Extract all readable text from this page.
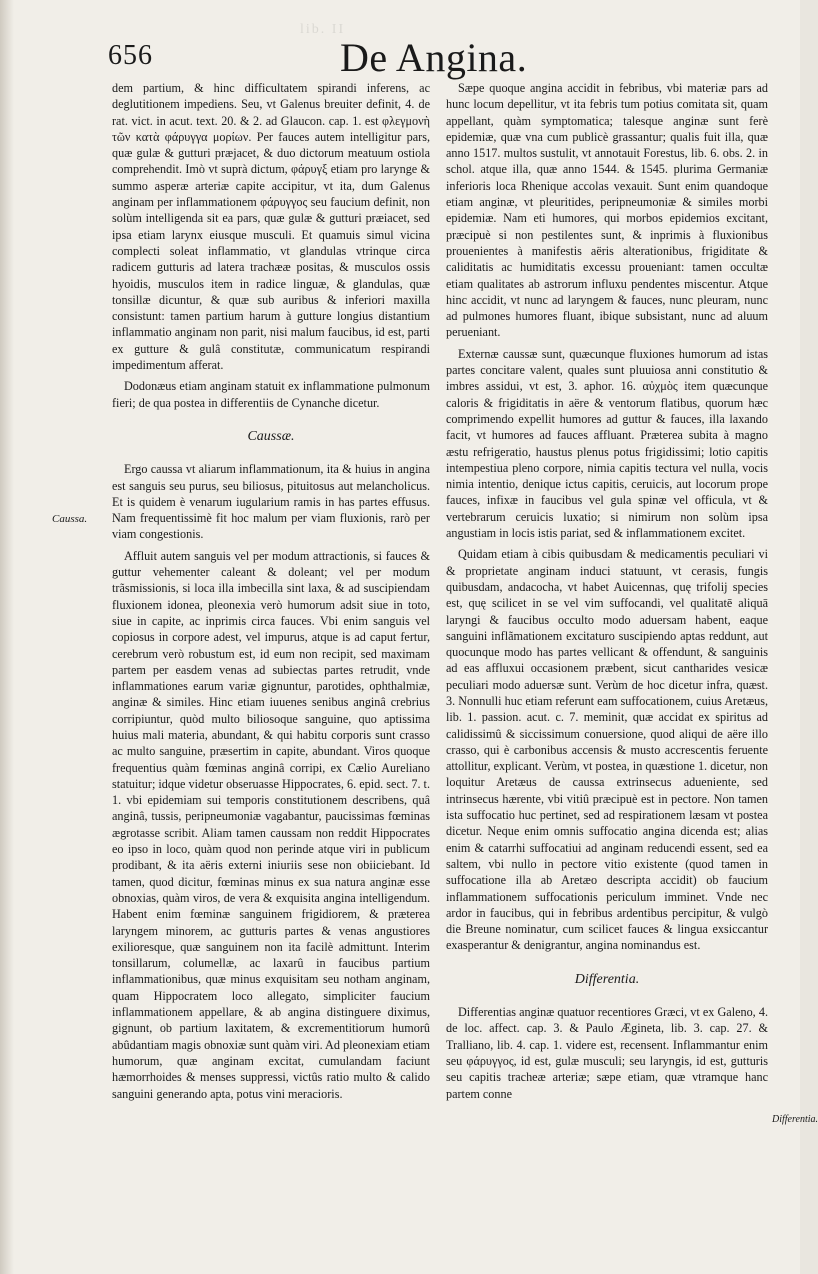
lib. II
656	De Angina.
Caussa.
Differentia.

dem partium, & hinc difficultatem spirandi inferens, ac deglutitionem impediens. Seu, vt Galenus breuiter definit, 4. de rat. vict. in acut. text. 20. & 2. ad Glaucon. cap. 1. est φλεγμονὴ τῶν κατὰ φάρυγγα μορίων. Per fauces autem intelligitur pars, quæ gulæ & gutturi præjacet, & duo dictorum meatuum ostiola comprehendit. Imò vt suprà dictum, φάρυγξ etiam pro larynge & summo asperæ arteriæ capite accipitur, vt ita, dum Galenus anginam per inflammationem φάρυγγος seu faucium definit, non solùm intelligenda sit ea pars, quæ gulæ & gutturi præiacet, sed ipsa etiam larynx eiusque musculi. Et quamuis simul vicina complecti soleat inflammatio, vt glandulas vtrinque circa radicem gutturis ad latera trachææ positas, & musculos ossis hyoidis, musculos item in radice linguæ, & glandulas, quæ tonsillæ dicuntur, & quæ sub auribus & inferiori maxilla consistunt: tamen partium harum à gutture longius distantium inflammatio anginam non parit, nisi malum faucibus, id est, parti ex gutture & gulâ constitutæ, communicatum respirandi impedimentum afferat.

Dodonæus etiam anginam statuit ex inflammatione pulmonum fieri; de qua postea in differentiis de Cynanche dicetur.

Caussæ.

Ergo caussa vt aliarum inflammationum, ita & huius in angina est sanguis seu purus, seu biliosus, pituitosus aut melancholicus. Et is quidem è venarum iugularium ramis in has partes effusus. Nam frequentissimè fit hoc malum per viam fluxionis, rarò per viam congestionis.

Affluit autem sanguis vel per modum attractionis, si fauces & guttur vehementer caleant & doleant; vel per modum trãsmissionis, si loca illa imbecilla sint laxa, & ad suscipiendam fluxionem idonea, pleonexia verò humorum adsit siue in toto, siue in capite, ac inprimis circa fauces. Vbi enim sanguis vel copiosus in corpore adest, vel impurus, atque is ad caput fertur, cerebrum verò robustum est, id eum non recipit, sed maximam partem per easdem venas ad subiectas partes retrudit, vnde inflammationes earum variæ gignuntur, parotides, ophthalmiæ, anginæ & similes. Hinc etiam iuuenes senibus anginâ crebrius corripiuntur, quòd multo biliosoque sanguine, quo aptissima huius mali materia, abundant, & qui habitu corporis sunt crasso ac multo sanguine, præsertim in capite, abundant. Viros quoque frequentius quàm fœminas anginâ corripi, ex Cælio Aureliano statuitur; idque videtur obseruasse Hippocrates, 6. epid. sect. 7. t. 1. vbi epidemiam sui temporis constitutionem describens, quâ anginâ, tussis, peripneumoniæ vagabantur, paucissimas fœminas ægrotasse scribit. Aliam tamen caussam non reddit Hippocrates eo ipso in loco, quàm quod non perinde atque viri in publicum prodibant, & ita aëris externi iniuriis sese non obiiciebant. Id tamen, quod dicitur, fœminas minus ex sua natura anginæ esse obnoxias, quàm viros, de vera & exquisita angina intelligendum. Habent enim fœminæ sanguinem frigidiorem, & præterea laryngem minorem, ac gutturis partes & venas angustiores exilioresque, quæ sanguinem non ita facilè admittunt. Interim tonsillarum, columellæ, ac laxarû in faucibus partium inflammationibus, quæ minus exquisitam seu notham anginam, quam Hippocratem loco allegato, simpliciter faucium inflammationem appellare, & ab angina distinguere diximus, gignunt, ob partium laxitatem, & excrementitiorum humorû abûdantiam magis obnoxiæ sunt quàm viri. Ad pleonexiam etiam humorum, quæ anginam excitat, cumulandam faciunt hæmorrhoides & menses suppressi, victûs ratio multo & calido sanguini generando apta, potus vini meracioris.

Sæpe quoque angina accidit in febribus, vbi materiæ pars ad hunc locum depellitur, vt ita febris tum potius comitata sit, quam appellant, quàm symptomatica; talesque anginæ sunt ferè epidemiæ, quæ vna cum publicè grassantur; qualis fuit illa, quæ anno 1517. multos sustulit, vt annotauit Forestus, lib. 6. obs. 2. in schol. atque illa, quæ anno 1544. & 1545. plurima Germaniæ inferioris loca Rhenique accolas vexauit. Sunt enim quandoque etiam anginæ, vt pleuritides, peripneumoniæ & similes morbi epidemiæ. Nam eti humores, qui morbos epidemios excitant, præcipuè si non pestilentes sunt, & inprimis à fluxionibus prouenientes à manifestis aëris alterationibus, frigiditate & caliditatis ac humiditatis excessu proueniant: tamen occultæ etiam qualitates ab astrorum influxu pendentes miscentur. Atque hinc accidit, vt nunc ad laryngem & fauces, nunc pleuram, nunc ad pulmones humores fluant, ibique subsistant, nunc ad aluum perueniant.

Externæ caussæ sunt, quæcunque fluxiones humorum ad istas partes concitare valent, quales sunt pluuiosa anni constitutio & imbres assidui, vt est, 3. aphor. 16. αὐχμὸς item quæcunque caloris & frigiditatis in aëre & ventorum flatibus, quorum hæc comprimendo expellit humores ad guttur & fauces, illa laxando facit, vt humores ad fauces affluant. Præterea subita à magno æstu refrigeratio, haustus plenus potus frigidissimi; lotio capitis intempestiua pleno corpore, nimia capitis tectura vel nulla, vocis nimia intentio, denique ictus capitis, ceruicis, aut locorum prope fauces, infixæ in faucibus vel gula spinæ vel officula, vt & vertebrarum ceruicis luxatio; si nimirum non solùm ipsa angustiam in locis istis pariat, sed & inflammationem excitet.

Quidam etiam à cibis quibusdam & medicamentis peculiari vi & proprietate anginam induci statuunt, vt cerasis, fungis quibusdam, andacocha, vt habet Auicennas, quę trifolij species est, quę scilicet in se vel vim suffocandi, vel qualitatē aliquā laryngi & faucibus occulto modo aduersam habent, eaque sanguini inflãmationem excitaturo suscipiendo aptas reddunt, aut quocunque modo has partes vellicant & offendunt, & sanguinis ad eas affluxui occasionem præbent, sicut cantharides vesicæ peculiari modo aduersæ sunt. Verùm de hoc dicetur infra, quæst. 3. Nonnulli huc etiam referunt eam suffocationem, cuius Aretæus, lib. 1. passion. acut. c. 7. meminit, quæ accidat ex spiritus ad calidissimû & siccissimum conuersione, quod aliqui de aëre illo crasso, qui è carbonibus accensis & musto accrescentis feruente attollitur, explicant. Verùm, vt postea, in quæstione 1. dicetur, non loquitur Aretæus de caussa extrinsecus adueniente, sed intrinsecus hærente, vbi vitiû præcipuè est in pectore. Non tamen ista suffocatio huc pertinet, sed ad respirationem læsam vt postea dicetur. Neque enim omnis suffocatio angina dicenda est; alias enim & catarrhi suffocatiui ad anginam reducendi essent, sed ea saltem, vbi nullo in pectore vitio existente (quod tamen in suffocatione illa ab Aretæo descripta accidit) ob faucium inflammationem suffocationis periculum imminet. Vnde nec ardor in faucibus, qui in febribus ardentibus percipitur, & vulgò die Breune nominatur, cum scilicet fauces & lingua exsiccantur exasperantur & denigrantur, angina nominandus est.

Differentia.

Differentias anginæ quatuor recentiores Græci, vt ex Galeno, 4. de loc. affect. cap. 3. & Paulo Ægineta, lib. 3. cap. 27. & Tralliano, lib. 4. cap. 1. videre est, recensent. Inflammantur enim seu φάρυγγος, id est, gulæ musculi; seu laryngis, id est, gutturis seu capitis tracheæ arteriæ; sæpe etiam, quæ vtramque hanc partem conne
